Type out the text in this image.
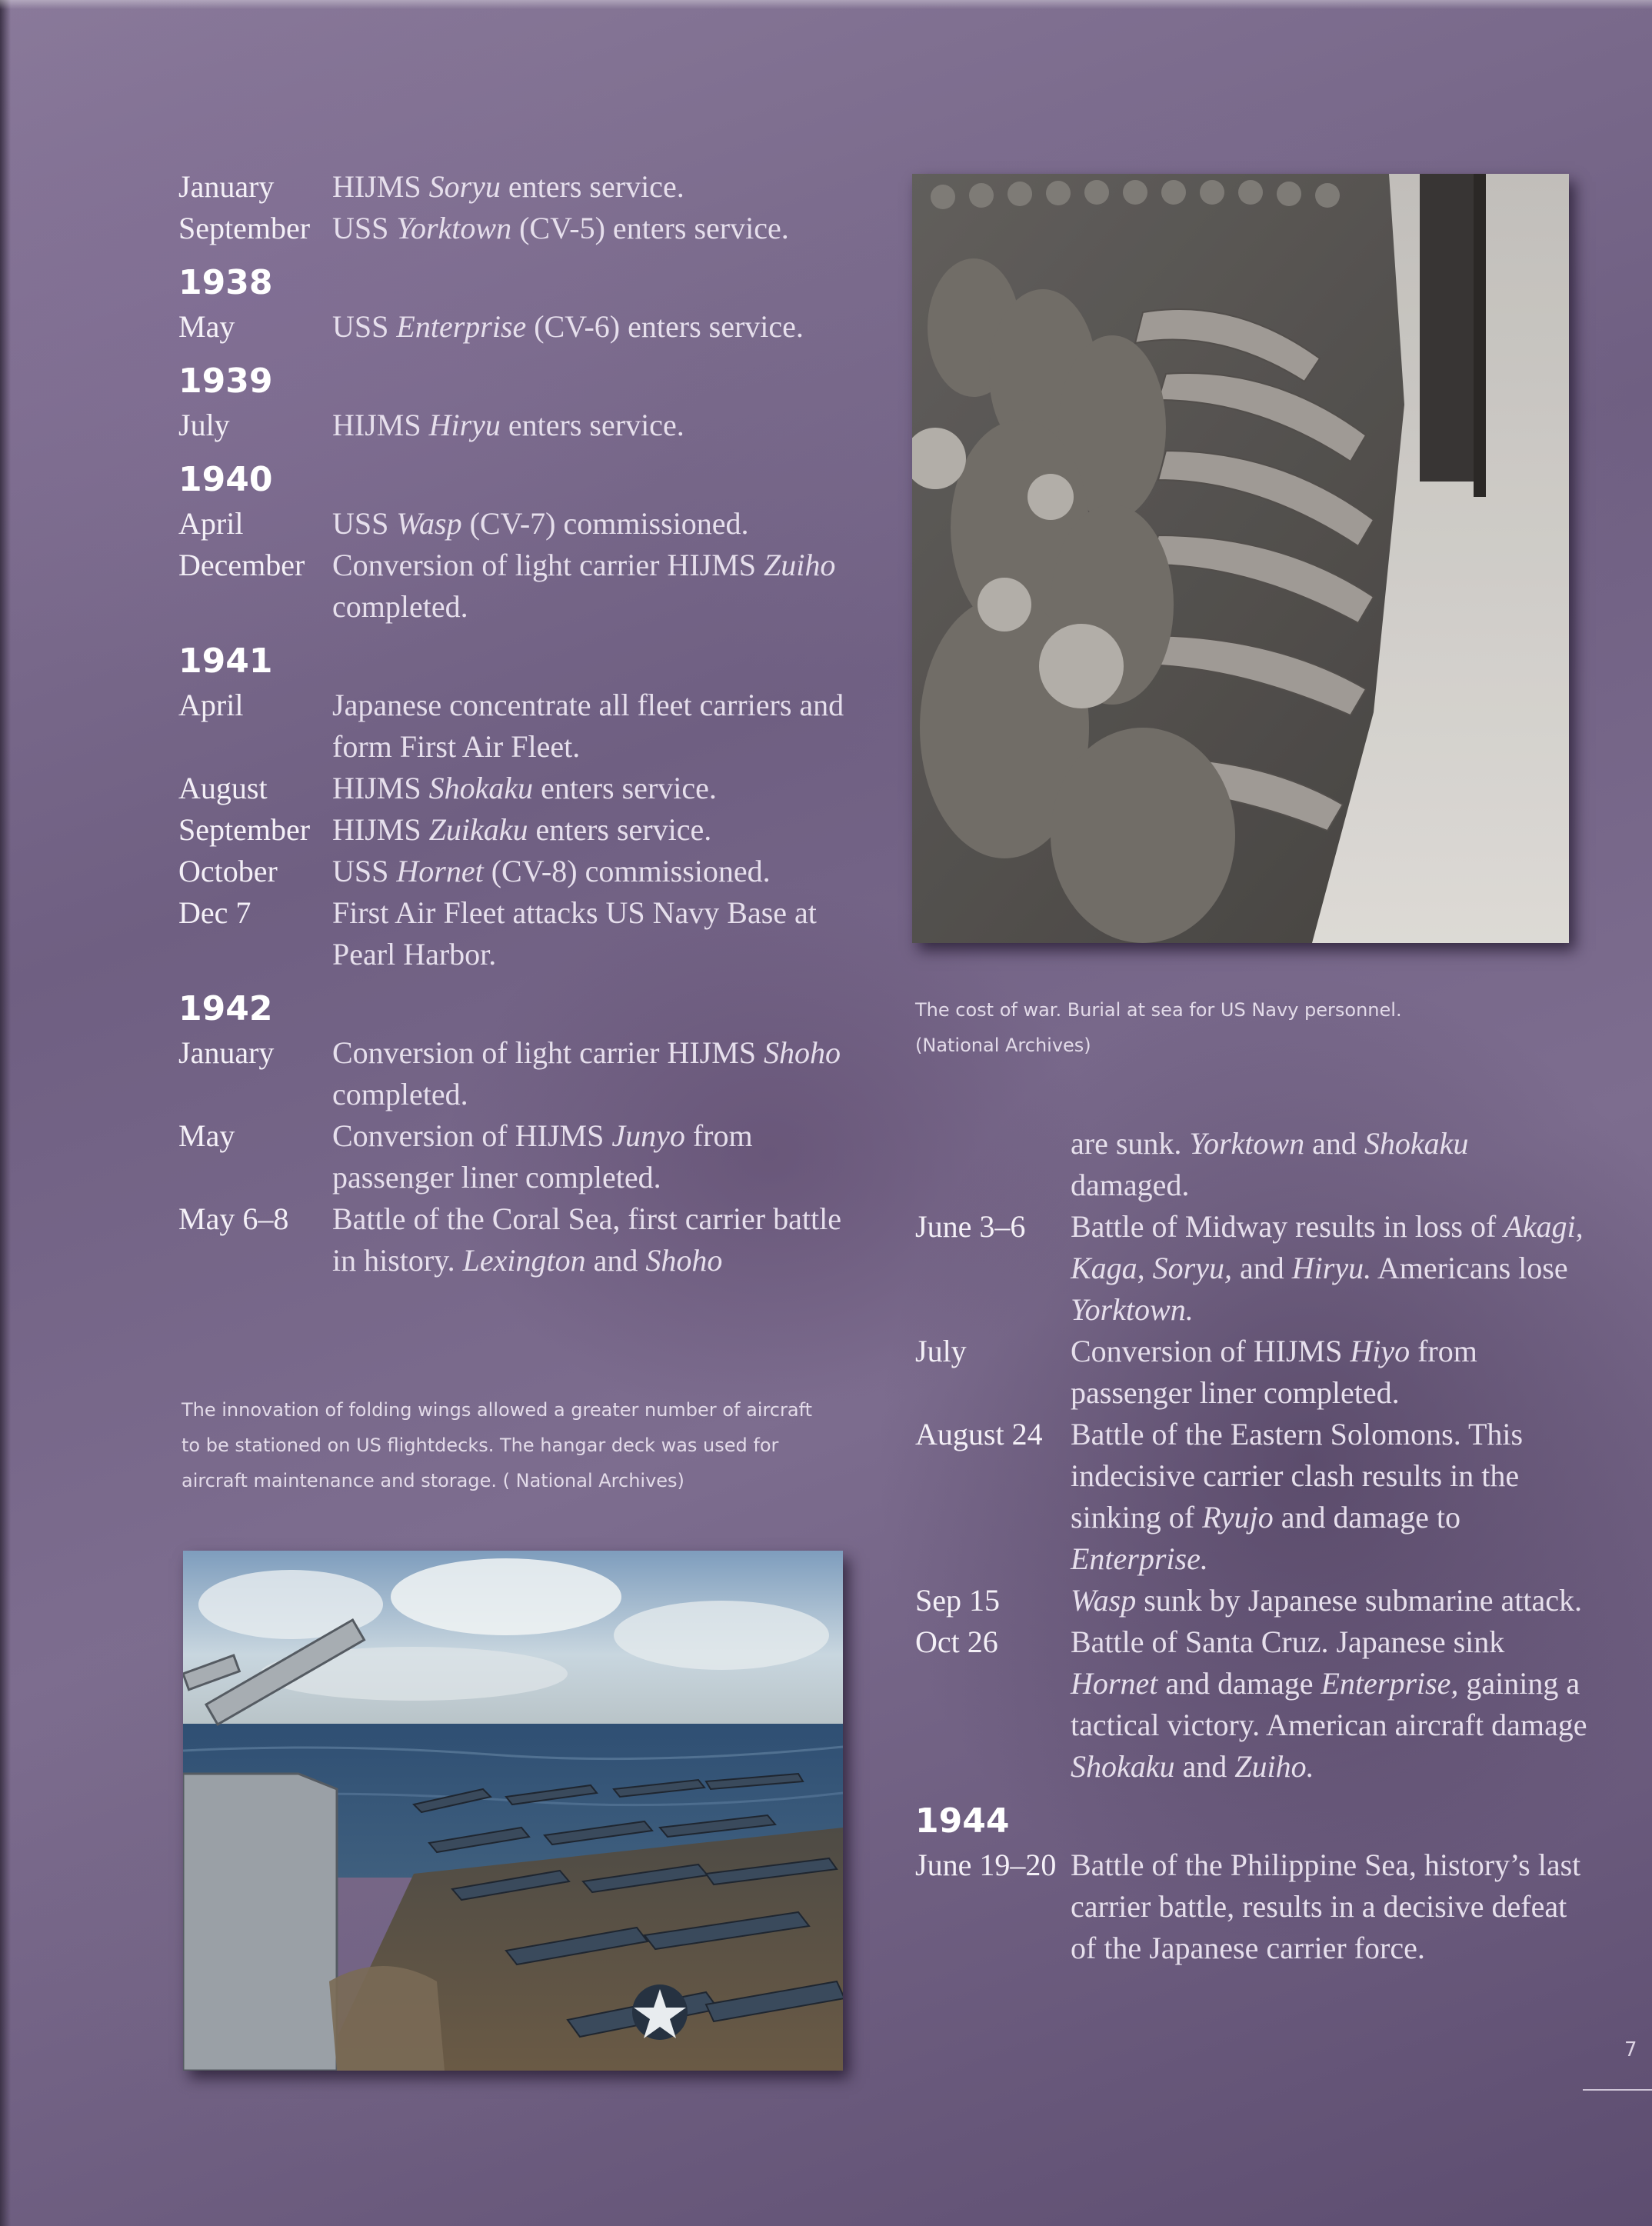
January	HIJMS Soryu enters service.
September USS Yorktown (CV-5) enters service.
1938
May	USS Enterprise (CV-6) enters service.
1939
July	HIJMS Hiryu enters service.
1940
April	USS Wasp (CV-7) commissioned.
December Conversion of light carrier HIJMS Zuiho completed.
1941
April	Japanese concentrate all fleet carriers and form First Air Fleet.
August	HIJMS Shokaku enters service.
September HIJMS Zuikaku enters service.
October	USS Hornet (CV-8) commissioned.
Dec 7	First Air Fleet attacks US Navy Base at Pearl Harbor.
1942
January	Conversion of light carrier HIJMS Shoho completed.
May	Conversion of HIJMS Junyo from passenger liner completed.
May 6–8	Battle of the Coral Sea, first carrier battle in history. Lexington and Shoho
The innovation of folding wings allowed a greater number of aircraft
to be stationed on US flightdecks. The hangar deck was used for
aircraft maintenance and storage. ( National Archives)
The cost of war. Burial at sea for US Navy personnel.
(National Archives)
are sunk. Yorktown and Shokaku damaged.
June 3–6	Battle of Midway results in loss of Akagi, Kaga, Soryu, and Hiryu. Americans lose Yorktown.
July	Conversion of HIJMS Hiyo from passenger liner completed.
August 24 Battle of the Eastern Solomons. This indecisive carrier clash results in the sinking of Ryujo and damage to Enterprise.
Sep 15	Wasp sunk by Japanese submarine attack.
Oct 26	Battle of Santa Cruz. Japanese sink Hornet and damage Enterprise, gaining a tactical victory. American aircraft damage Shokaku and Zuiho.
1944
June 19–20 Battle of the Philippine Sea, history’s last carrier battle, results in a decisive defeat of the Japanese carrier force.
7
